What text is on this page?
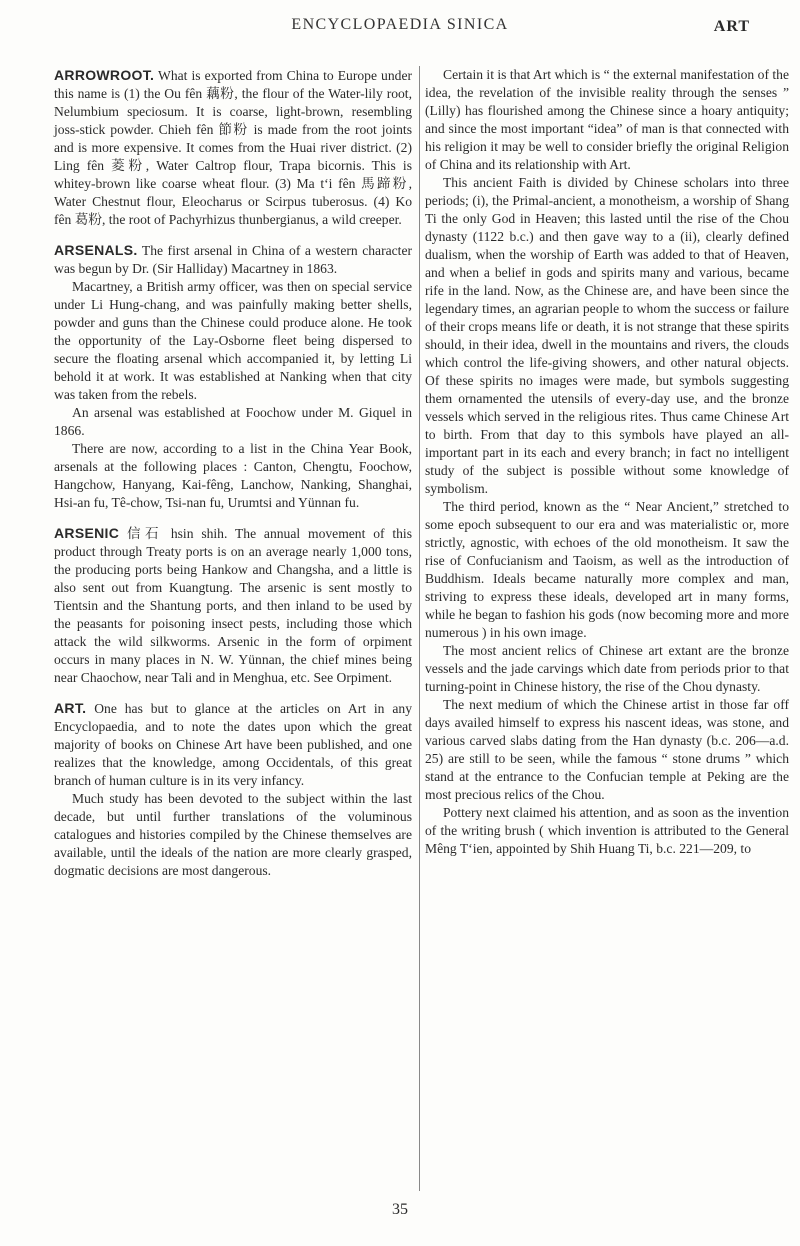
ENCYCLOPAEDIA SINICA	ART

ARROWROOT. What is exported from China to Europe under this name is (1) the Ou fên 藕粉, the flour of the Water-lily root, Nelumbium speciosum. It is coarse, light-brown, resembling joss-stick powder. Chieh fên 節粉 is made from the root joints and is more expensive. It comes from the Huai river district. (2) Ling fên 菱粉, Water Caltrop flour, Trapa bicornis. This is whitey-brown like coarse wheat flour. (3) Ma t‘i fên 馬蹄粉, Water Chestnut flour, Eleocharus or Scirpus tuberosus. (4) Ko fên 葛粉, the root of Pachyrhizus thunbergianus, a wild creeper.

ARSENALS. The first arsenal in China of a western character was begun by Dr. (Sir Halliday) Macartney in 1863.

Macartney, a British army officer, was then on special service under Li Hung-chang, and was painfully making better shells, powder and guns than the Chinese could produce alone. He took the opportunity of the Lay-Osborne fleet being dispersed to secure the floating arsenal which accompanied it, by letting Li behold it at work. It was established at Nanking when that city was taken from the rebels.

An arsenal was established at Foochow under M. Giquel in 1866.

There are now, according to a list in the China Year Book, arsenals at the following places : Canton, Chengtu, Foochow, Hangchow, Hanyang, Kai-fêng, Lanchow, Nanking, Shanghai, Hsi-an fu, Tê-chow, Tsi-nan fu, Urumtsi and Yünnan fu.

ARSENIC 信石 hsin shih. The annual movement of this product through Treaty ports is on an average nearly 1,000 tons, the producing ports being Hankow and Changsha, and a little is also sent out from Kuangtung. The arsenic is sent mostly to Tientsin and the Shantung ports, and then inland to be used by the peasants for poisoning insect pests, including those which attack the wild silkworms. Arsenic in the form of orpiment occurs in many places in N. W. Yünnan, the chief mines being near Chaochow, near Tali and in Menghua, etc. See Orpiment.

ART. One has but to glance at the articles on Art in any Encyclopaedia, and to note the dates upon which the great majority of books on Chinese Art have been published, and one realizes that the knowledge, among Occidentals, of this great branch of human culture is in its very infancy.

Much study has been devoted to the subject within the last decade, but until further translations of the voluminous catalogues and histories compiled by the Chinese themselves are available, until the ideals of the nation are more clearly grasped, dogmatic decisions are most dangerous.

Certain it is that Art which is “ the external manifestation of the idea, the revelation of the invisible reality through the senses ” (Lilly) has flourished among the Chinese since a hoary antiquity; and since the most important “idea” of man is that connected with his religion it may be well to consider briefly the original Religion of China and its relationship with Art.

This ancient Faith is divided by Chinese scholars into three periods; (i), the Primal-ancient, a monotheism, a worship of Shang Ti the only God in Heaven; this lasted until the rise of the Chou dynasty (1122 b.c.) and then gave way to a (ii), clearly defined dualism, when the worship of Earth was added to that of Heaven, and when a belief in gods and spirits many and various, became rife in the land. Now, as the Chinese are, and have been since the legendary times, an agrarian people to whom the success or failure of their crops means life or death, it is not strange that these spirits should, in their idea, dwell in the mountains and rivers, the clouds which control the life-giving showers, and other natural objects. Of these spirits no images were made, but symbols suggesting them ornamented the utensils of every-day use, and the bronze vessels which served in the religious rites. Thus came Chinese Art to birth. From that day to this symbols have played an all-important part in its each and every branch; in fact no intelligent study of the subject is possible without some knowledge of symbolism.

The third period, known as the “ Near Ancient,” stretched to some epoch subsequent to our era and was materialistic or, more strictly, agnostic, with echoes of the old monotheism. It saw the rise of Confucianism and Taoism, as well as the introduction of Buddhism. Ideals became naturally more complex and man, striving to express these ideals, developed art in many forms, while he began to fashion his gods (now becoming more and more numerous ) in his own image.

The most ancient relics of Chinese art extant are the bronze vessels and the jade carvings which date from periods prior to that turning-point in Chinese history, the rise of the Chou dynasty.

The next medium of which the Chinese artist in those far off days availed himself to express his nascent ideas, was stone, and various carved slabs dating from the Han dynasty (b.c. 206—a.d. 25) are still to be seen, while the famous “ stone drums ” which stand at the entrance to the Confucian temple at Peking are the most precious relics of the Chou.

Pottery next claimed his attention, and as soon as the invention of the writing brush ( which invention is attributed to the General Mêng T‘ien, appointed by Shih Huang Ti, b.c. 221—209, to

35
